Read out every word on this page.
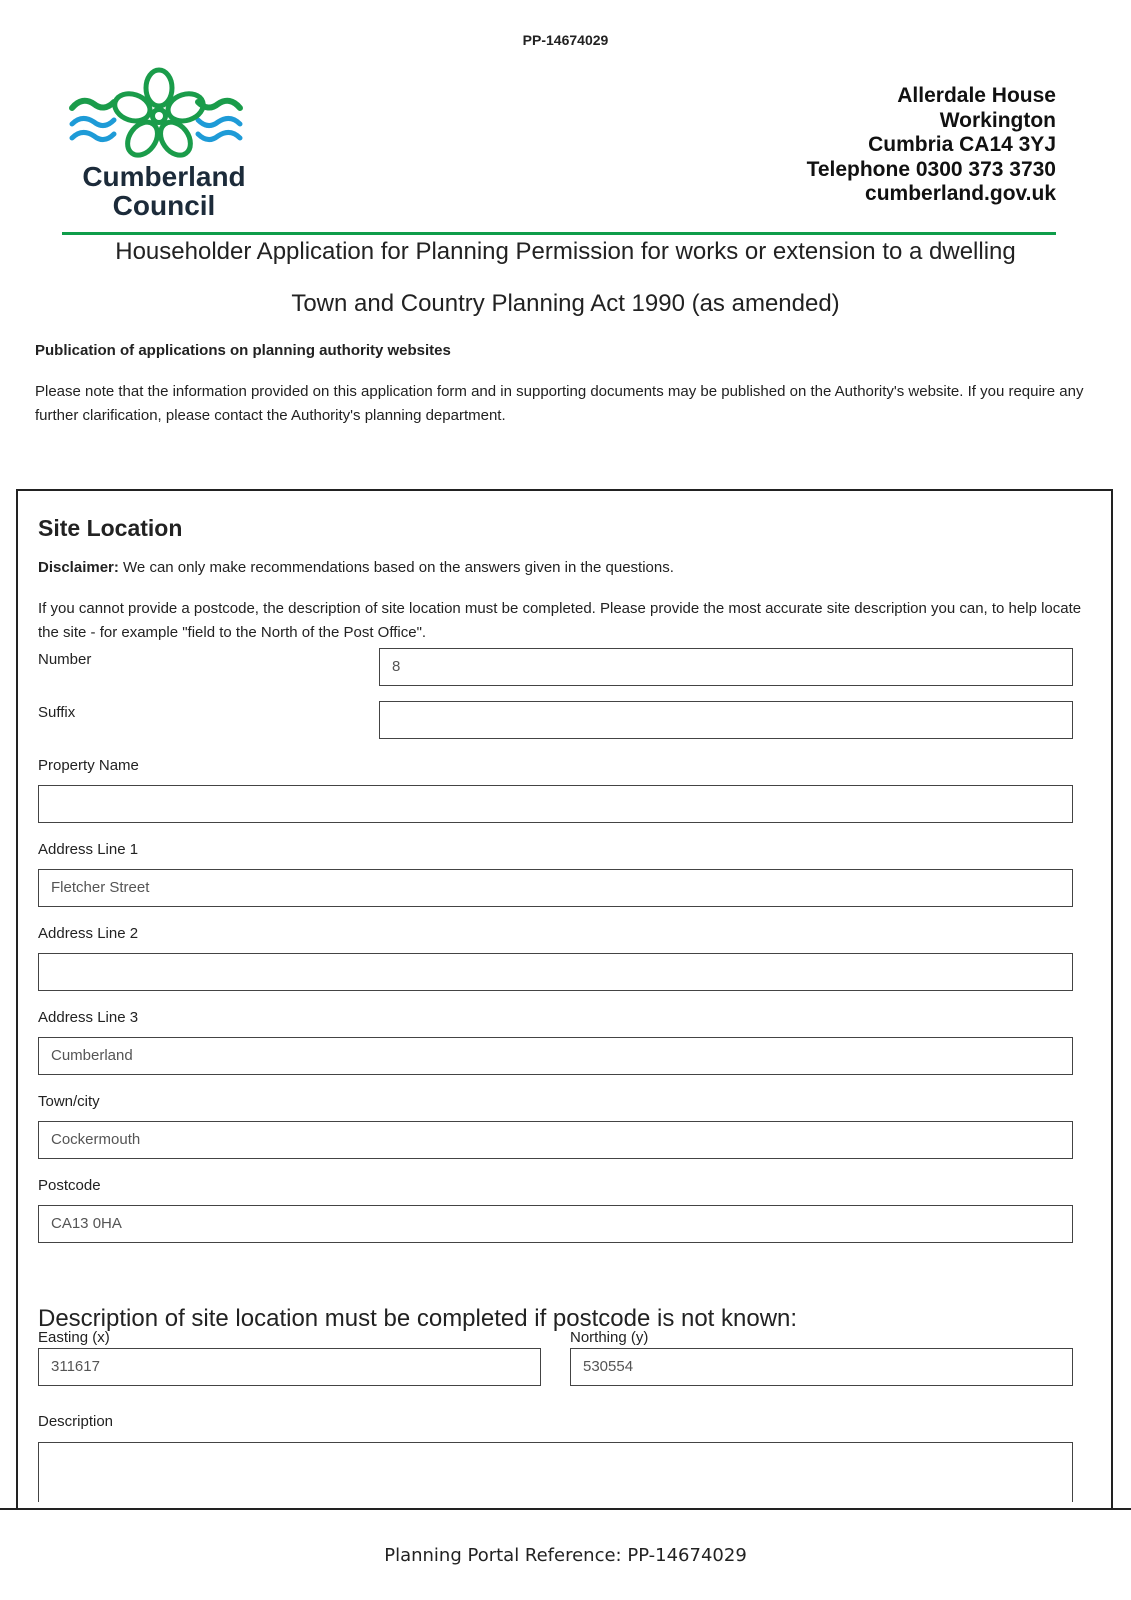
PP-14674029
Cumberland
Council
Allerdale House
Workington
Cumbria CA14 3YJ
Telephone 0300 373 3730
cumberland.gov.uk
Householder Application for Planning Permission for works or extension to a dwelling
Town and Country Planning Act 1990 (as amended)
Publication of applications on planning authority websites
Please note that the information provided on this application form and in supporting documents may be published on the Authority's website. If you require any further clarification, please contact the Authority's planning department.
Site Location
Disclaimer: We can only make recommendations based on the answers given in the questions.
If you cannot provide a postcode, the description of site location must be completed. Please provide the most accurate site description you can, to help locate the site - for example "field to the North of the Post Office".
Number	8
Suffix
Property Name
Address Line 1
Fletcher Street
Address Line 2
Address Line 3
Cumberland
Town/city
Cockermouth
Postcode
CA13 0HA
Description of site location must be completed if postcode is not known:
Easting (x)
311617
Northing (y)
530554
Description
Planning Portal Reference: PP-14674029
